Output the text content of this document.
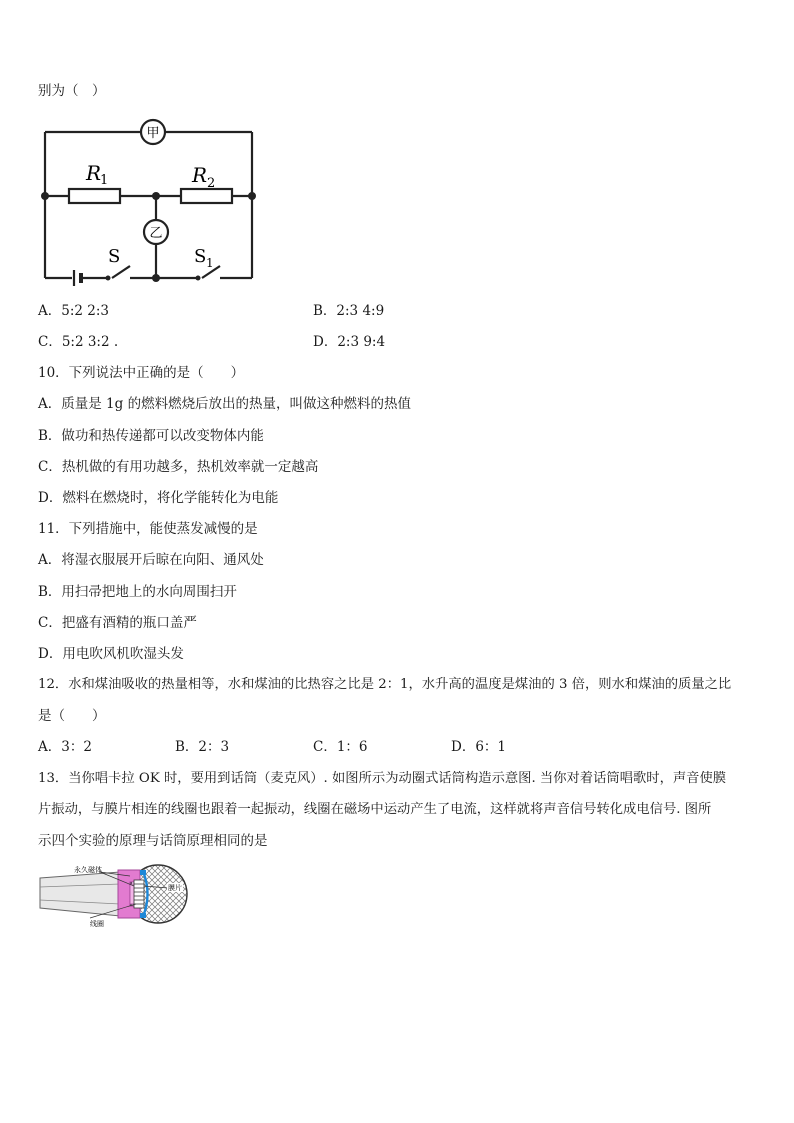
别为（　）
甲
乙
R
1	R 2
S	S 1
A．5:2 2:3	B．2:3 4:9
C．5:2 3:2 .	D．2:3 9:4
10．下列说法中正确的是（　　）
A．质量是 1g 的燃料燃烧后放出的热量，叫做这种燃料的热值
B．做功和热传递都可以改变物体内能
C．热机做的有用功越多，热机效率就一定越高
D．燃料在燃烧时，将化学能转化为电能
11．下列措施中，能使蒸发减慢的是
A．将湿衣服展开后晾在向阳、通风处
B．用扫帚把地上的水向周围扫开
C．把盛有酒精的瓶口盖严
D．用电吹风机吹湿头发
12．水和煤油吸收的热量相等，水和煤油的比热容之比是 2：1，水升高的温度是煤油的 3 倍，则水和煤油的质量之比
是（　　）
A．3：2	B．2：3	C．1：6	D．6：1
13．当你唱卡拉 OK 时，要用到话筒（麦克风）. 如图所示为动圈式话筒构造示意图. 当你对着话筒唱歌时，声音使膜
片振动，与膜片相连的线圈也跟着一起振动，线圈在磁场中运动产生了电流，这样就将声音信号转化成电信号. 图所
示四个实验的原理与话筒原理相同的是
永久磁体
膜片
线圈
